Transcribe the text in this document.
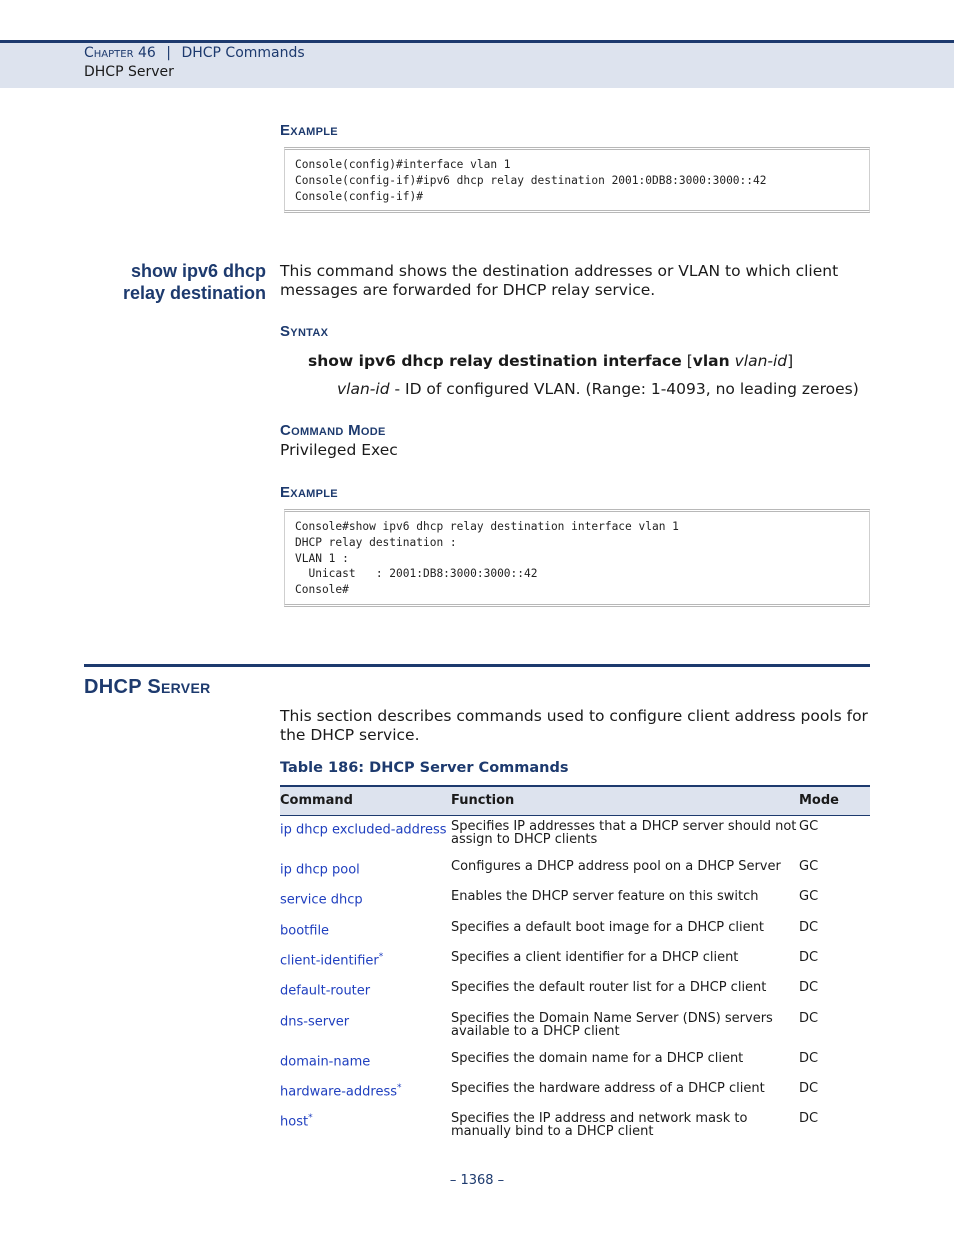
Chapter 46 | DHCP Commands
DHCP Server
Example
Console(config)#interface vlan 1
Console(config-if)#ipv6 dhcp relay destination 2001:0DB8:3000:3000::42
Console(config-if)#
show ipv6 dhcp
relay destination
This command shows the destination addresses or VLAN to which client messages are forwarded for DHCP relay service.
Syntax
show ipv6 dhcp relay destination interface [vlan vlan-id]
vlan-id - ID of configured VLAN. (Range: 1-4093, no leading zeroes)
Command Mode
Privileged Exec
Example
Console#show ipv6 dhcp relay destination interface vlan 1
DHCP relay destination :
VLAN 1 :
Unicast   : 2001:DB8:3000:3000::42
Console#
DHCP Server
This section describes commands used to configure client address pools for the DHCP service.
Table 186: DHCP Server Commands
Command	Function	Mode
ip dhcp excluded-address	Specifies IP addresses that a DHCP server should not assign to DHCP clients	GC
ip dhcp pool	Configures a DHCP address pool on a DHCP Server	GC
service dhcp	Enables the DHCP server feature on this switch	GC
bootfile	Specifies a default boot image for a DHCP client	DC
client-identifier*	Specifies a client identifier for a DHCP client	DC
default-router	Specifies the default router list for a DHCP client	DC
dns-server	Specifies the Domain Name Server (DNS) servers available to a DHCP client	DC
domain-name	Specifies the domain name for a DHCP client	DC
hardware-address*	Specifies the hardware address of a DHCP client	DC
host*	Specifies the IP address and network mask to manually bind to a DHCP client	DC
– 1368 –
